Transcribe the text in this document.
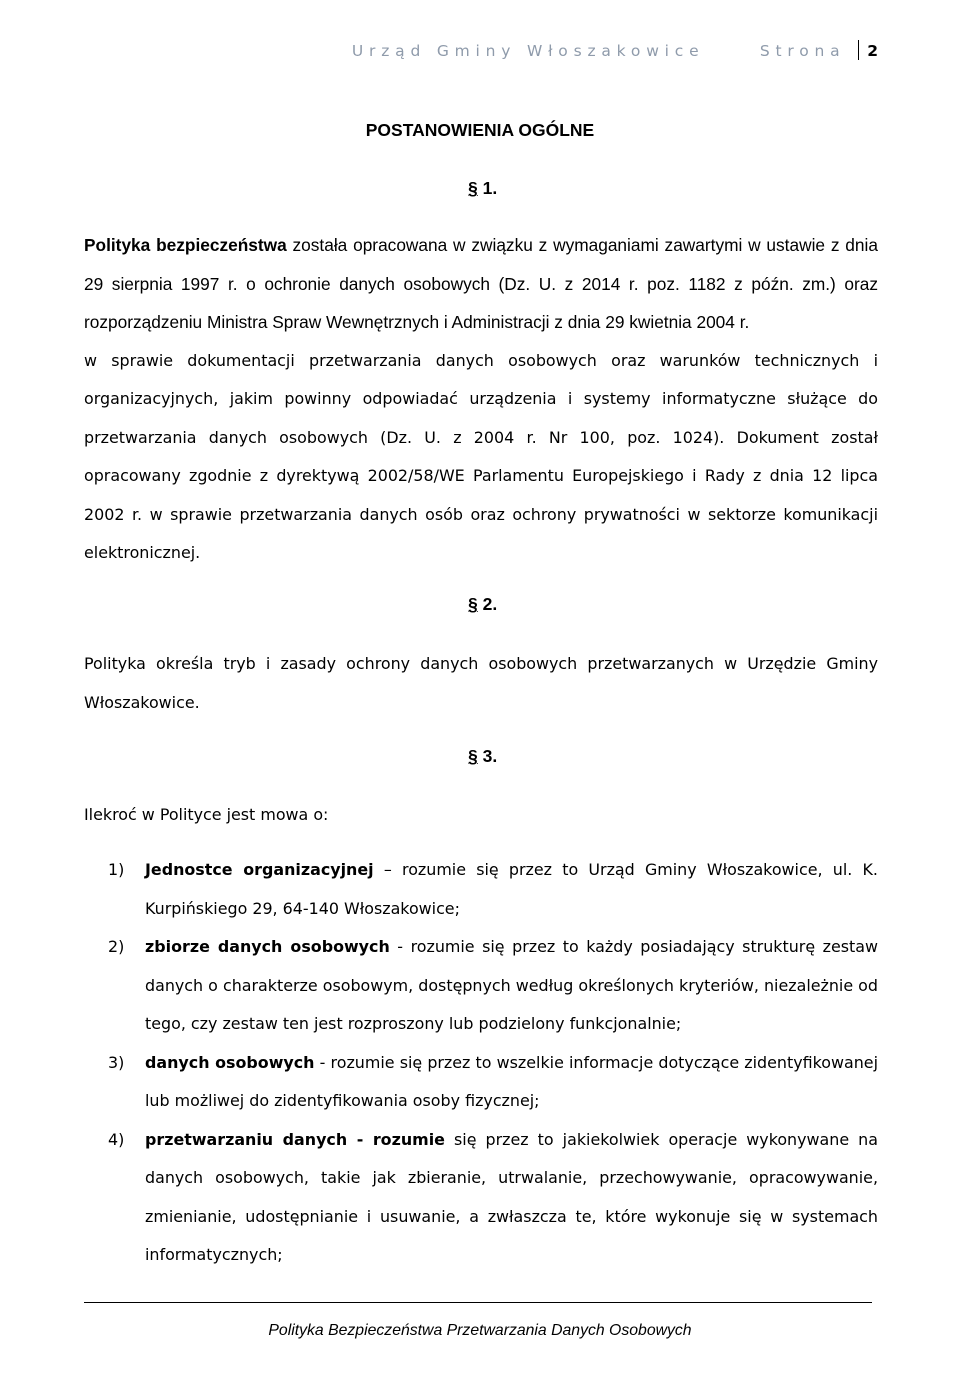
Urząd Gminy Włoszakowice	Strona 2
POSTANOWIENIA OGÓLNE
§ 1.
Polityka bezpieczeństwa została opracowana w związku z wymaganiami zawartymi w ustawie z dnia 29 sierpnia 1997 r. o ochronie danych osobowych (Dz. U. z 2014 r. poz. 1182 z późn. zm.) oraz rozporządzeniu Ministra Spraw Wewnętrznych i Administracji z dnia 29 kwietnia 2004 r.
w sprawie dokumentacji przetwarzania danych osobowych oraz warunków technicznych i organizacyjnych, jakim powinny odpowiadać urządzenia i systemy informatyczne służące do przetwarzania danych osobowych (Dz. U. z 2004 r. Nr 100, poz. 1024). Dokument został opracowany zgodnie z dyrektywą 2002/58/WE Parlamentu Europejskiego i Rady z dnia 12 lipca 2002 r. w sprawie przetwarzania danych osób oraz ochrony prywatności w sektorze komunikacji elektronicznej.
§ 2.
Polityka określa tryb i zasady ochrony danych osobowych przetwarzanych w Urzędzie Gminy Włoszakowice.
§ 3.
Ilekroć w Polityce jest mowa o:
1) Jednostce organizacyjnej – rozumie się przez to Urząd Gminy Włoszakowice, ul. K. Kurpińskiego 29, 64-140 Włoszakowice;
2) zbiorze danych osobowych - rozumie się przez to każdy posiadający strukturę zestaw danych o charakterze osobowym, dostępnych według określonych kryteriów, niezależnie od tego, czy zestaw ten jest rozproszony lub podzielony funkcjonalnie;
3) danych osobowych - rozumie się przez to wszelkie informacje dotyczące zidentyfikowanej lub możliwej do zidentyfikowania osoby fizycznej;
4) przetwarzaniu danych - rozumie się przez to jakiekolwiek operacje wykonywane na danych osobowych, takie jak zbieranie, utrwalanie, przechowywanie, opracowywanie, zmienianie, udostępnianie i usuwanie, a zwłaszcza te, które wykonuje się w systemach informatycznych;
Polityka Bezpieczeństwa Przetwarzania Danych Osobowych
